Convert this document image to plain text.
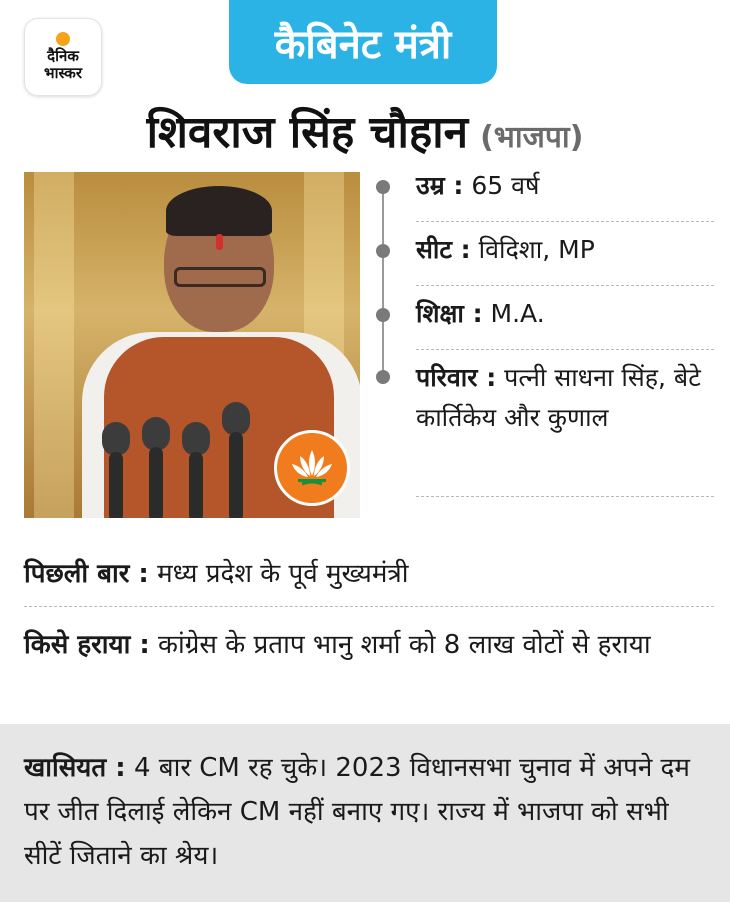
दैनिक
भास्कर
कैबिनेट मंत्री
शिवराज सिंह चौहान (भाजपा)
उम्र : 65 वर्ष
सीट : विदिशा, MP
शिक्षा : M.A.
परिवार : पत्नी साधना सिंह, बेटे कार्तिकेय और कुणाल
पिछली बार : मध्य प्रदेश के पूर्व मुख्यमंत्री
किसे हराया : कांग्रेस के प्रताप भानु शर्मा को 8 लाख वोटों से हराया
खासियत : 4 बार CM रह चुके। 2023 विधानसभा चुनाव में अपने दम पर जीत दिलाई लेकिन CM नहीं बनाए गए। राज्य में भाजपा को सभी सीटें जिताने का श्रेय।
